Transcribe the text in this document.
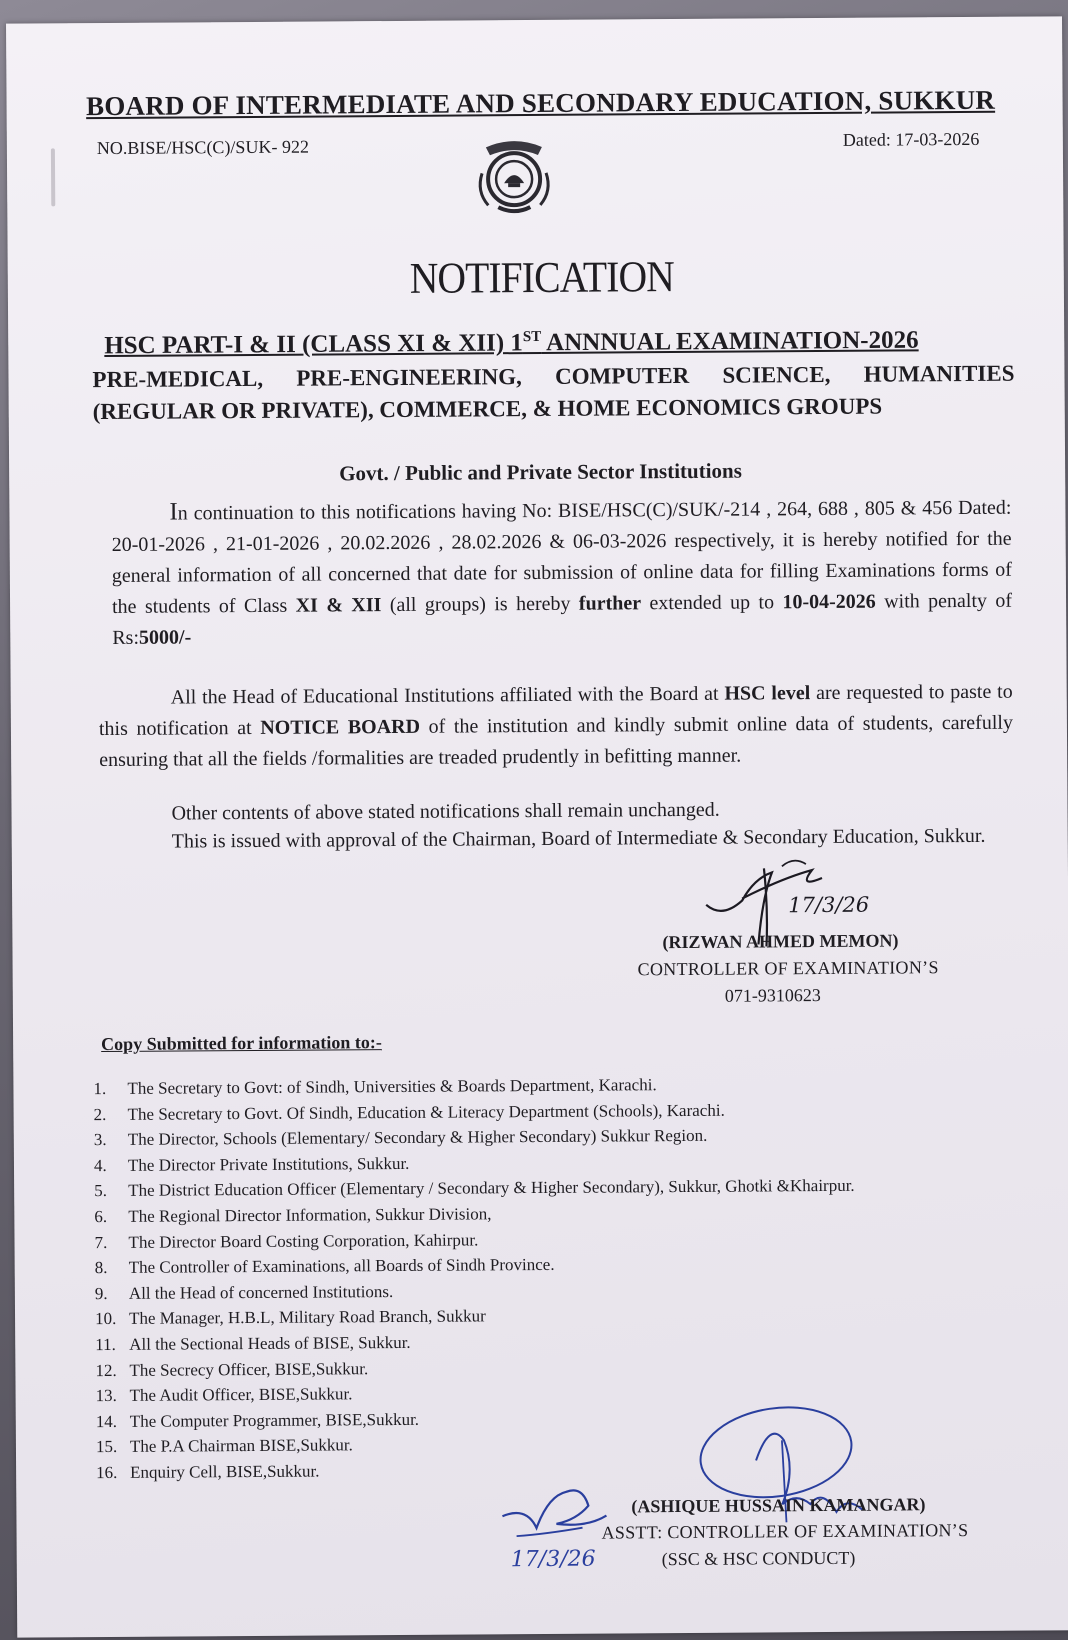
BOARD OF INTERMEDIATE AND SECONDARY EDUCATION, SUKKUR
NO.BISE/HSC(C)/SUK- 922	Dated: 17-03-2026
NOTIFICATION
HSC PART-I & II (CLASS XI & XII) 1ST ANNNUAL EXAMINATION-2026
PRE-MEDICAL, PRE-ENGINEERING, COMPUTER SCIENCE, HUMANITIES
(REGULAR OR PRIVATE), COMMERCE, & HOME ECONOMICS GROUPS
Govt. / Public and Private Sector Institutions
In continuation to this notifications having No: BISE/HSC(C)/SUK/-214 , 264, 688 , 805 & 456 Dated: 20-01-2026 , 21-01-2026 , 20.02.2026 , 28.02.2026 & 06-03-2026 respectively, it is hereby notified for the general information of all concerned that date for submission of online data for filling Examinations forms of the students of Class XI & XII (all groups) is hereby further extended up to 10-04-2026 with penalty of Rs:5000/-
All the Head of Educational Institutions affiliated with the Board at HSC level are requested to paste to this notification at NOTICE BOARD of the institution and kindly submit online data of students, carefully ensuring that all the fields /formalities are treaded prudently in befitting manner.
Other contents of above stated notifications shall remain unchanged.
This is issued with approval of the Chairman, Board of Intermediate & Secondary Education, Sukkur.
17/3/26
(RIZWAN AHMED MEMON)
CONTROLLER OF EXAMINATION’S
071-9310623
Copy Submitted for information to:-
1. The Secretary to Govt: of Sindh, Universities & Boards Department, Karachi.
2. The Secretary to Govt. Of Sindh, Education & Literacy Department (Schools), Karachi.
3. The Director, Schools (Elementary/ Secondary & Higher Secondary) Sukkur Region.
4. The Director Private Institutions, Sukkur.
5. The District Education Officer (Elementary / Secondary & Higher Secondary), Sukkur, Ghotki &Khairpur.
6. The Regional Director Information, Sukkur Division,
7. The Director Board Costing Corporation, Kahirpur.
8. The Controller of Examinations, all Boards of Sindh Province.
9. All the Head of concerned Institutions.
10. The Manager, H.B.L, Military Road Branch, Sukkur
11. All the Sectional Heads of BISE, Sukkur.
12. The Secrecy Officer, BISE,Sukkur.
13. The Audit Officer, BISE,Sukkur.
14. The Computer Programmer, BISE,Sukkur.
15. The P.A Chairman BISE,Sukkur.
16. Enquiry Cell, BISE,Sukkur.
17/3/26
(ASHIQUE HUSSAIN KAMANGAR)
ASSTT: CONTROLLER OF EXAMINATION’S
(SSC & HSC CONDUCT)
